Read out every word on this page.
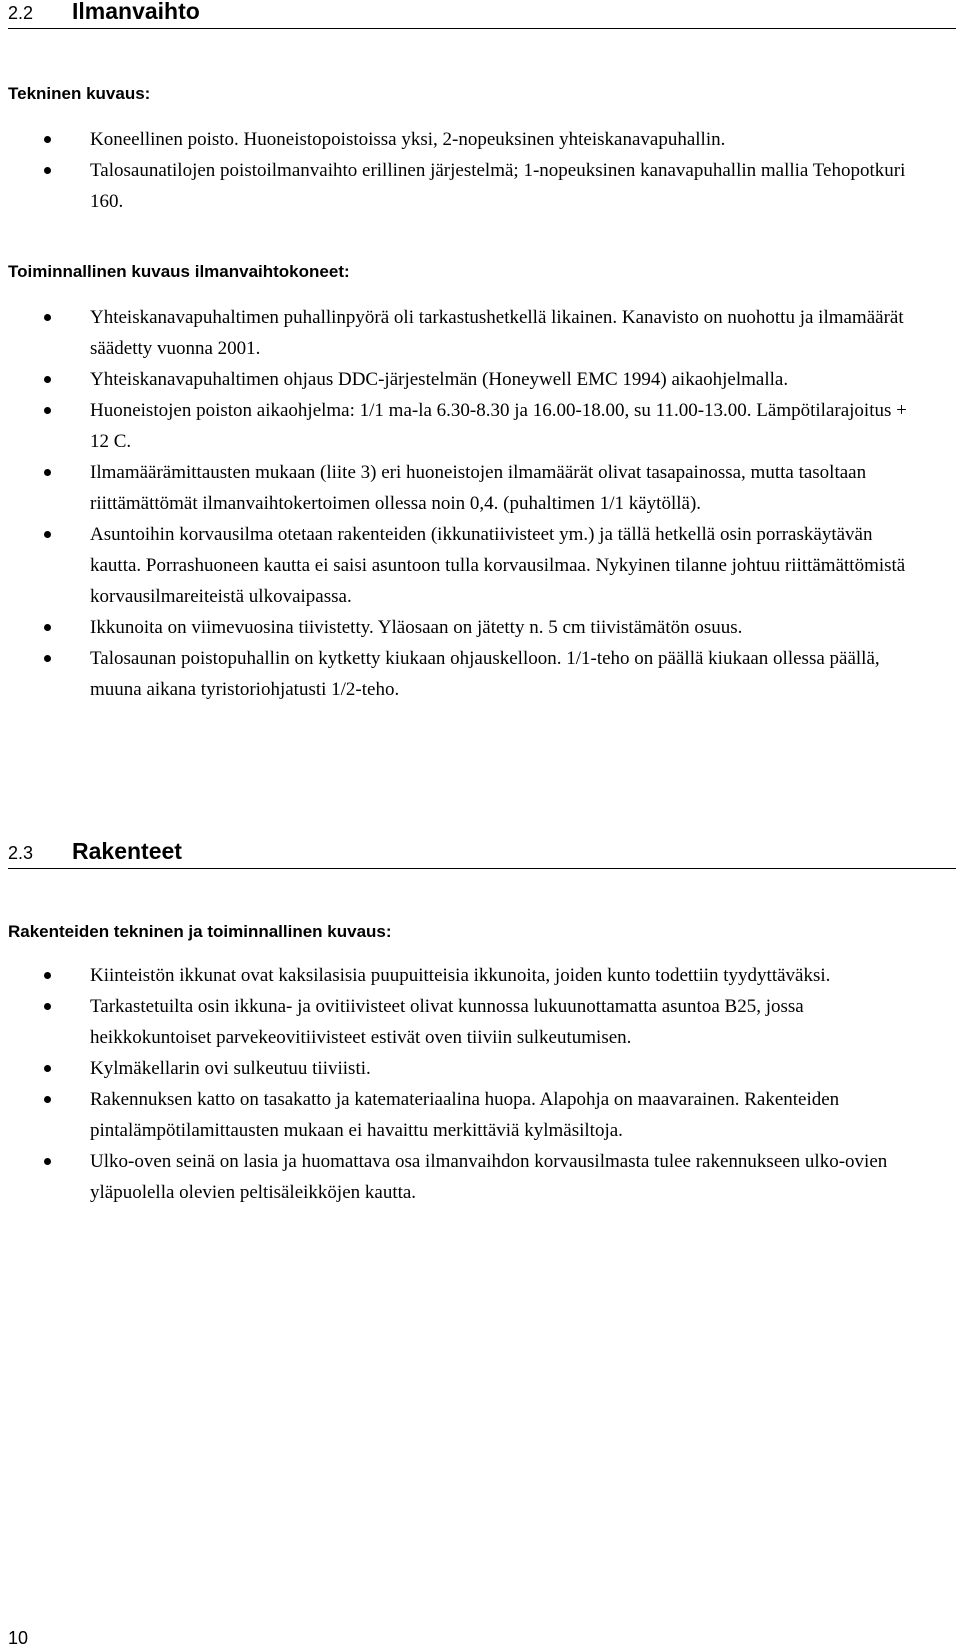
2.2 Ilmanvaihto
Tekninen kuvaus:
Koneellinen poisto. Huoneistopoistoissa yksi, 2-nopeuksinen yhteiskanavapuhallin.
Talosaunatilojen poistoilmanvaihto erillinen järjestelmä; 1-nopeuksinen kanavapuhallin mallia Tehopotkuri 160.
Toiminnallinen kuvaus ilmanvaihtokoneet:
Yhteiskanavapuhaltimen puhallinpyörä oli tarkastushetkellä likainen. Kanavisto on nuohottu ja ilmamäärät säädetty vuonna 2001.
Yhteiskanavapuhaltimen ohjaus DDC-järjestelmän (Honeywell EMC 1994) aikaohjelmalla.
Huoneistojen poiston aikaohjelma: 1/1 ma-la 6.30-8.30 ja 16.00-18.00, su 11.00-13.00. Lämpötilarajoitus + 12 C.
Ilmamäärämittausten mukaan (liite 3) eri huoneistojen ilmamäärät olivat tasapainossa, mutta tasoltaan riittämättömät ilmanvaihtokertoimen ollessa noin 0,4. (puhaltimen 1/1 käytöllä).
Asuntoihin korvausilma otetaan rakenteiden (ikkunatiivisteet ym.) ja tällä hetkellä osin porraskäytävän kautta. Porrashuoneen kautta ei saisi asuntoon tulla korvausilmaa. Nykyinen tilanne johtuu riittämättömistä korvausilmareiteistä ulkovaipassa.
Ikkunoita on viimevuosina tiivistetty. Yläosaan on jätetty n. 5 cm tiivistämätön osuus.
Talosaunan poistopuhallin on kytketty kiukaan ohjauskelloon. 1/1-teho on päällä kiukaan ollessa päällä, muuna aikana tyristoriohjatusti 1/2-teho.
2.3 Rakenteet
Rakenteiden tekninen ja toiminnallinen kuvaus:
Kiinteistön ikkunat ovat kaksilasisia puupuitteisia ikkunoita, joiden kunto todettiin tyydyttäväksi.
Tarkastetuilta osin ikkuna- ja ovitiivisteet olivat kunnossa lukuunottamatta asuntoa B25, jossa heikkokuntoiset parvekeovitiivisteet estivät oven tiiviin sulkeutumisen.
Kylmäkellarin ovi sulkeutuu tiiviisti.
Rakennuksen katto on tasakatto ja katemateriaalina huopa. Alapohja on maavarainen. Rakenteiden pintalämpötilamittausten mukaan ei havaittu merkittäviä kylmäsiltoja.
Ulko-oven seinä on lasia ja huomattava osa ilmanvaihdon korvausilmasta tulee rakennukseen ulko-ovien yläpuolella olevien peltisäleikköjen kautta.
10
